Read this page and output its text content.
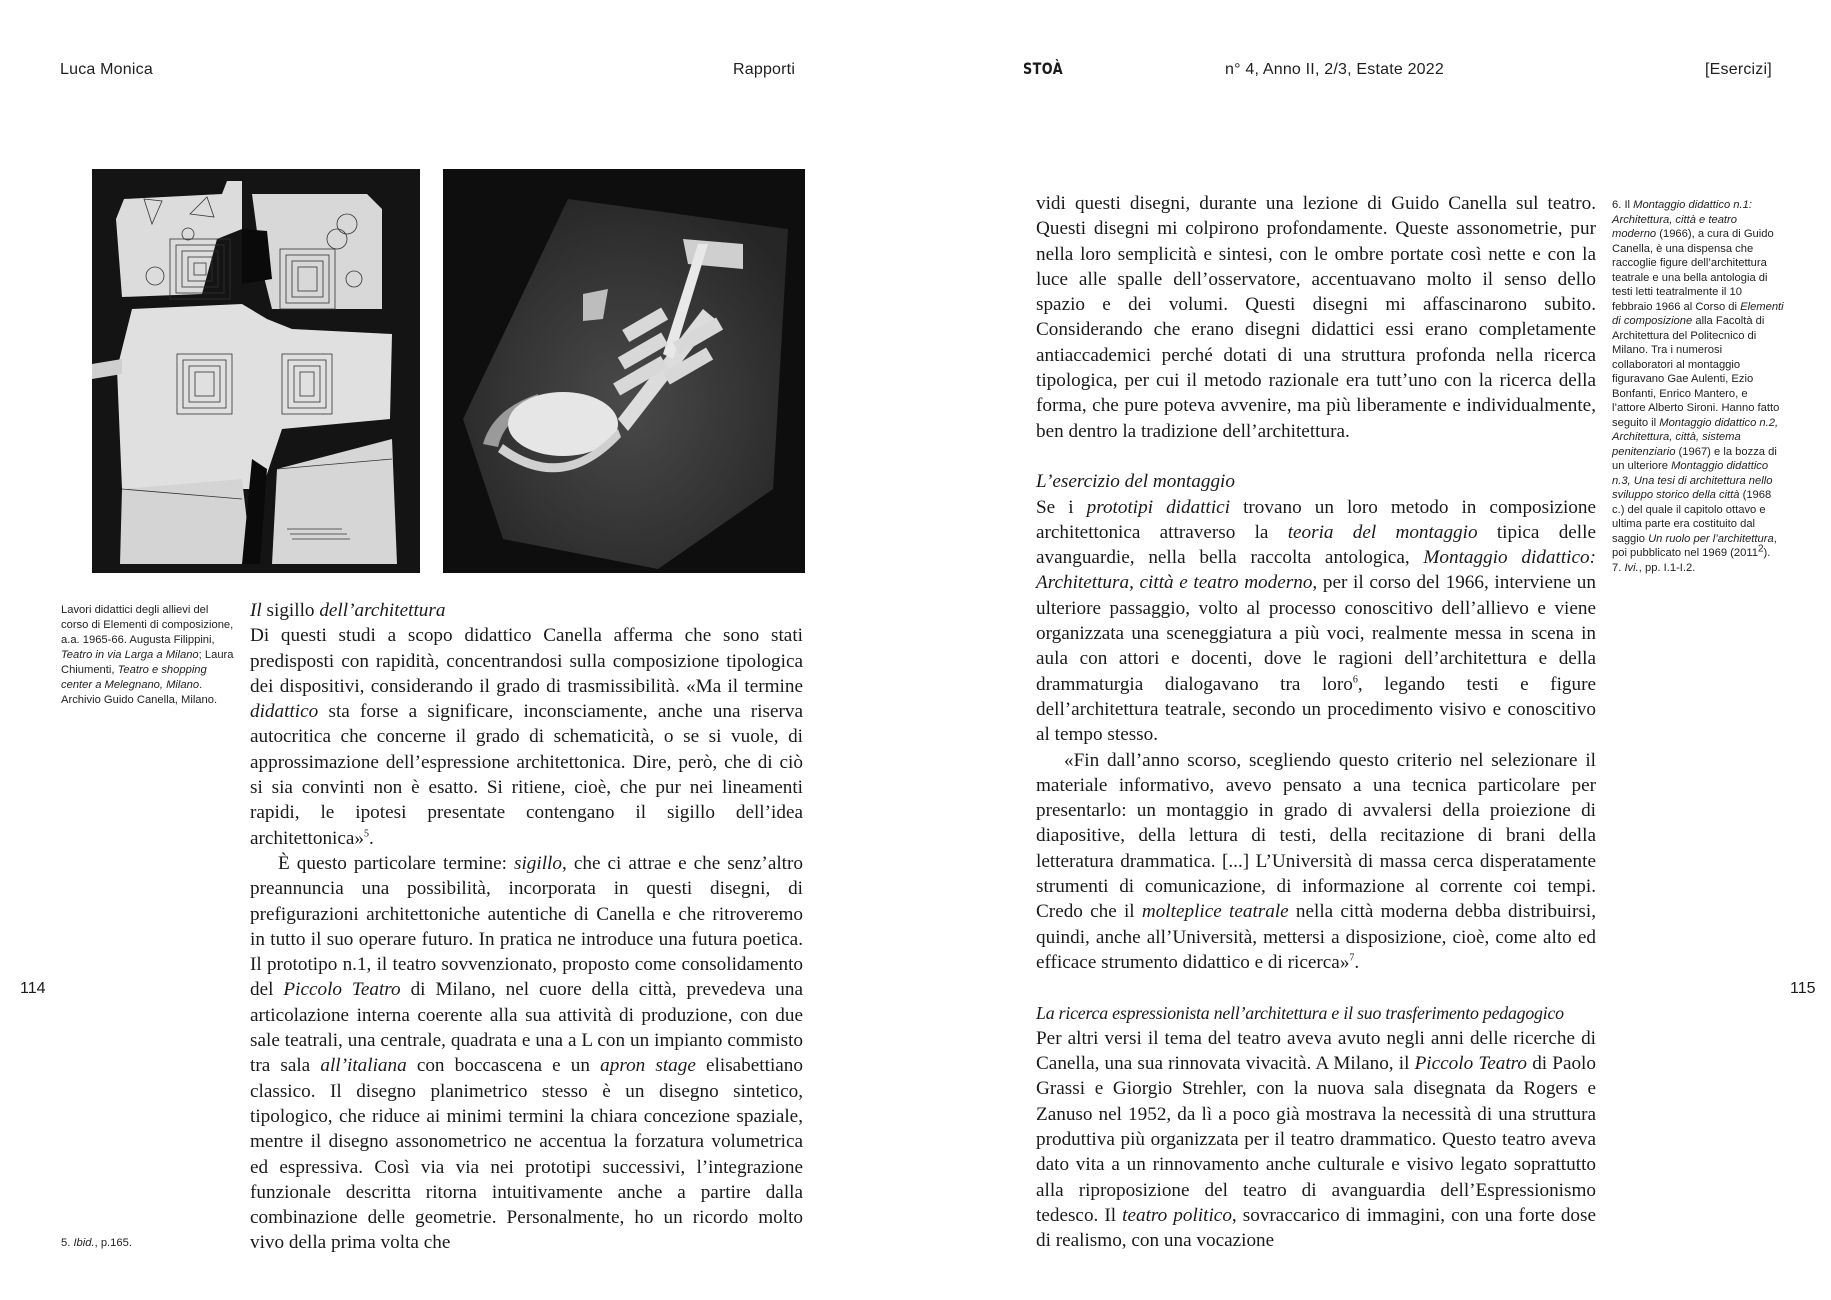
Luca Monica	Rapporti
Lavori didattici degli allievi del corso di Elementi di composizione, a.a. 1965-66. Augusta Filippini, Teatro in via Larga a Milano; Laura Chiumenti, Teatro e shopping center a Melegnano, Milano. Archivio Guido Canella, Milano.

Il sigillo dell’architettura

Di questi studi a scopo didattico Canella afferma che sono stati predisposti con rapidità, concentrandosi sulla composizione tipologica dei dispositivi, considerando il grado di trasmissibilità. «Ma il termine didattico sta forse a significare, inconsciamente, anche una riserva autocritica che concerne il grado di schematicità, o se si vuole, di approssimazione dell’espressione architettonica. Dire, però, che di ciò si sia convinti non è esatto. Si ritiene, cioè, che pur nei lineamenti rapidi, le ipotesi presentate contengano il sigillo dell’idea architettonica»$^5$.

È questo particolare termine: sigillo, che ci attrae e che senz’altro preannuncia una possibilità, incorporata in questi disegni, di prefigurazioni architettoniche autentiche di Canella e che ritroveremo in tutto il suo operare futuro. In pratica ne introduce una futura poetica. Il prototipo n.1, il teatro sovvenzionato, proposto come consolidamento del Piccolo Teatro di Milano, nel cuore della città, prevedeva una articolazione interna coerente alla sua attività di produzione, con due sale teatrali, una centrale, quadrata e una a L con un impianto commisto tra sala all’italiana con boccascena e un apron stage elisabettiano classico. Il disegno planimetrico stesso è un disegno sintetico, tipologico, che riduce ai minimi termini la chiara concezione spaziale, mentre il disegno assonometrico ne accentua la forzatura volumetrica ed espressiva. Così via via nei prototipi successivi, l’integrazione funzionale descritta ritorna intuitivamente anche a partire dalla combinazione delle geometrie. Personalmente, ho un ricordo molto vivo della prima volta che

114
5. Ibid., p.165.
STOÀ	n° 4, Anno II, 2/3, Estate 2022	[Esercizi]

vidi questi disegni, durante una lezione di Guido Canella sul teatro. Questi disegni mi colpirono profondamente. Queste assonometrie, pur nella loro semplicità e sintesi, con le ombre portate così nette e con la luce alle spalle dell’osservatore, accentuavano molto il senso dello spazio e dei volumi. Questi disegni mi affascinarono subito. Considerando che erano disegni didattici essi erano completamente antiaccademici perché dotati di una struttura profonda nella ricerca tipologica, per cui il metodo razionale era tutt’uno con la ricerca della forma, che pure poteva avvenire, ma più liberamente e individualmente, ben dentro la tradizione dell’architettura.

L’esercizio del montaggio

Se i prototipi didattici trovano un loro metodo in composizione architettonica attraverso la teoria del montaggio tipica delle avanguardie, nella bella raccolta antologica, Montaggio didattico: Architettura, città e teatro moderno, per il corso del 1966, interviene un ulteriore passaggio, volto al processo conoscitivo dell’allievo e viene organizzata una sceneggiatura a più voci, realmente messa in scena in aula con attori e docenti, dove le ragioni dell’architettura e della drammaturgia dialogavano tra loro$^6$, legando testi e figure dell’architettura teatrale, secondo un procedimento visivo e conoscitivo al tempo stesso.

«Fin dall’anno scorso, scegliendo questo criterio nel selezionare il materiale informativo, avevo pensato a una tecnica particolare per presentarlo: un montaggio in grado di avvalersi della proiezione di diapositive, della lettura di testi, della recitazione di brani della letteratura drammatica. [...] L’Università di massa cerca disperatamente strumenti di comunicazione, di informazione al corrente coi tempi. Credo che il molteplice teatrale nella città moderna debba distribuirsi, quindi, anche all’Università, mettersi a disposizione, cioè, come alto ed efficace strumento didattico e di ricerca»$^7$.

La ricerca espressionista nell’architettura e il suo trasferimento pedagogico

Per altri versi il tema del teatro aveva avuto negli anni delle ricerche di Canella, una sua rinnovata vivacità. A Milano, il Piccolo Teatro di Paolo Grassi e Giorgio Strehler, con la nuova sala disegnata da Rogers e Zanuso nel 1952, da lì a poco già mostrava la necessità di una struttura produttiva più organizzata per il teatro drammatico. Questo teatro aveva dato vita a un rinnovamento anche culturale e visivo legato soprattutto alla riproposizione del teatro di avanguardia dell’Espressionismo tedesco. Il teatro politico, sovraccarico di immagini, con una forte dose di realismo, con una vocazione

115
6. Il Montaggio didattico n.1: Architettura, città e teatro moderno (1966), a cura di Guido Canella, è una dispensa che raccoglie figure dell’architettura teatrale e una bella antologia di testi letti teatralmente il 10 febbraio 1966 al Corso di Elementi di composizione alla Facoltà di Architettura del Politecnico di Milano. Tra i numerosi collaboratori al montaggio figuravano Gae Aulenti, Ezio Bonfanti, Enrico Mantero, e l’attore Alberto Sironi. Hanno fatto seguito il Montaggio didattico n.2, Architettura, città, sistema penitenziario (1967) e la bozza di un ulteriore Montaggio didattico n.3, Una tesi di architettura nello sviluppo storico della città (1968 c.) del quale il capitolo ottavo e ultima parte era costituito dal saggio Un ruolo per l’architettura, poi pubblicato nel 1969 (2011$^2$).
7. Ivi., pp. I.1-I.2.
